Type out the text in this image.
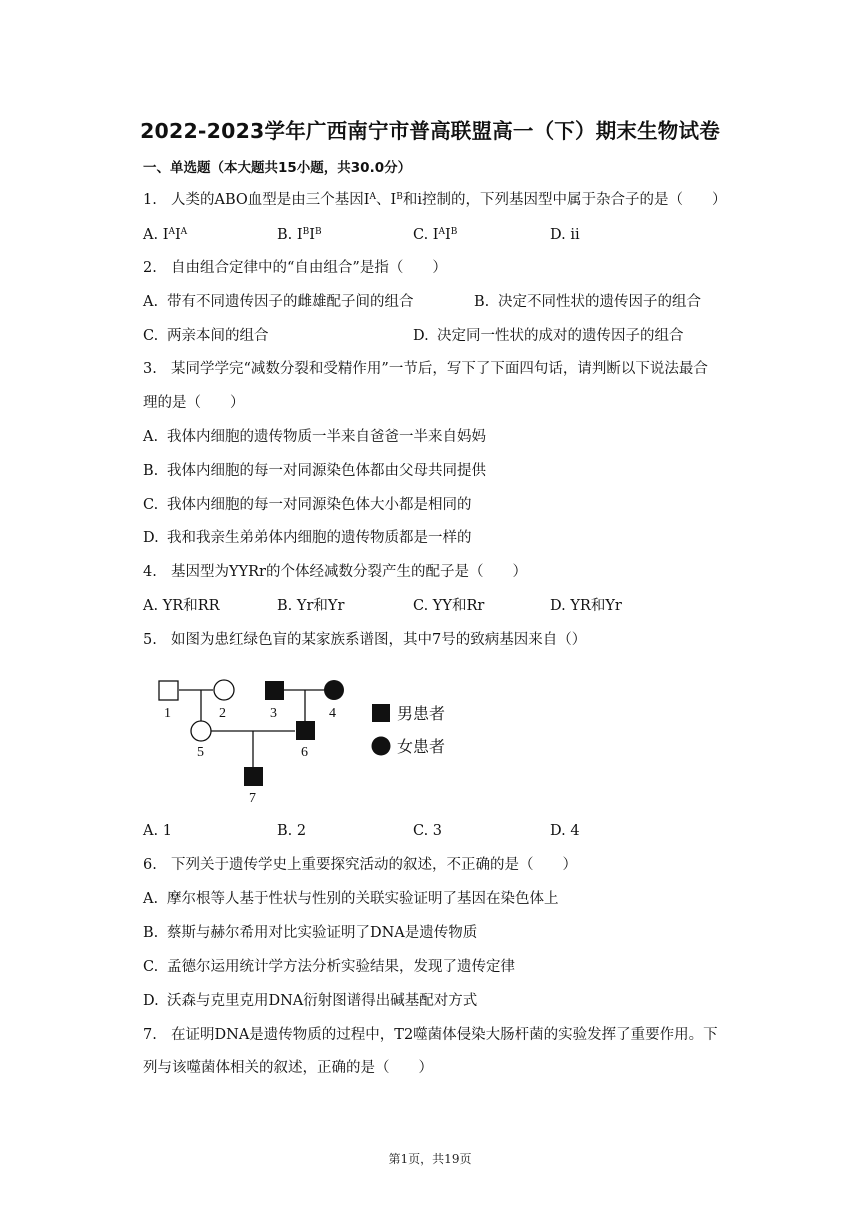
2022-2023学年广西南宁市普高联盟高一（下）期末生物试卷
一、单选题（本大题共15小题，共30.0分）
1. 人类的ABO血型是由三个基因$I^A$、$I^B$和i控制的，下列基因型中属于杂合子的是（　　）
A. $I^AI^A$	B. $I^BI^B$	C. $I^AI^B$	D. ii
2. 自由组合定律中的“自由组合”是指（　　）
A. 带有不同遗传因子的雌雄配子间的组合	B. 决定不同性状的遗传因子的组合
C. 两亲本间的组合	D. 决定同一性状的成对的遗传因子的组合
3. 某同学学完“减数分裂和受精作用”一节后，写下了下面四句话，请判断以下说法最合
理的是（　　）
A. 我体内细胞的遗传物质一半来自爸爸一半来自妈妈
B. 我体内细胞的每一对同源染色体都由父母共同提供
C. 我体内细胞的每一对同源染色体大小都是相同的
D. 我和我亲生弟弟体内细胞的遗传物质都是一样的
4. 基因型为YYRr的个体经减数分裂产生的配子是（　　）
A. YR和RR	B. Yr和Yr	C. YY和Rr	D. YR和Yr
5. 如图为患红绿色盲的某家族系谱图，其中7号的致病基因来自（）
1	2	3	4
5	6
7
男患者
女患者
A. 1	B. 2	C. 3	D. 4
6. 下列关于遗传学史上重要探究活动的叙述，不正确的是（　　）
A. 摩尔根等人基于性状与性别的关联实验证明了基因在染色体上
B. 蔡斯与赫尔希用对比实验证明了DNA是遗传物质
C. 孟德尔运用统计学方法分析实验结果，发现了遗传定律
D. 沃森与克里克用DNA衍射图谱得出碱基配对方式
7. 在证明DNA是遗传物质的过程中，T2噬菌体侵染大肠杆菌的实验发挥了重要作用。下
列与该噬菌体相关的叙述，正确的是（　　）
第1页，共19页
